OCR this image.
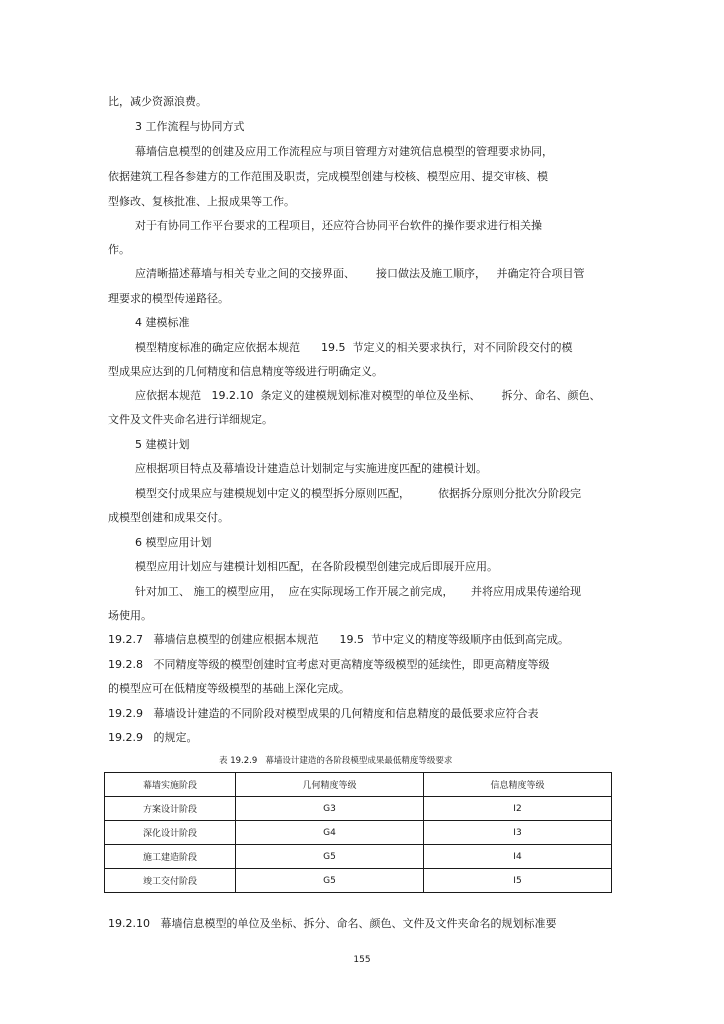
比，减少资源浪费。
3 工作流程与协同方式
幕墙信息模型的创建及应用工作流程应与项目管理方对建筑信息模型的管理要求协同，
依据建筑工程各参建方的工作范围及职责，完成模型创建与校核、模型应用、提交审核、模
型修改、复核批准、上报成果等工作。
对于有协同工作平台要求的工程项目，还应符合协同平台软件的操作要求进行相关操
作。
应清晰描述幕墙与相关专业之间的交接界面、      接口做法及施工顺序，   并确定符合项目管
理要求的模型传递路径。
4 建模标准
模型精度标准的确定应依据本规范      19.5  节定义的相关要求执行，对不同阶段交付的模
型成果应达到的几何精度和信息精度等级进行明确定义。
应依据本规范   19.2.10  条定义的建模规划标准对模型的单位及坐标、      拆分、命名、颜色、
文件及文件夹命名进行详细规定。
5 建模计划
应根据项目特点及幕墙设计建造总计划制定与实施进度匹配的建模计划。
模型交付成果应与建模规划中定义的模型拆分原则匹配，        依据拆分原则分批次分阶段完
成模型创建和成果交付。
6 模型应用计划
模型应用计划应与建模计划相匹配，在各阶段模型创建完成后即展开应用。
针对加工、 施工的模型应用，  应在实际现场工作开展之前完成，     并将应用成果传递给现
场使用。
19.2.7   幕墙信息模型的创建应根据本规范      19.5  节中定义的精度等级顺序由低到高完成。
19.2.8   不同精度等级的模型创建时宜考虑对更高精度等级模型的延续性，即更高精度等级
的模型应可在低精度等级模型的基础上深化完成。
19.2.9   幕墙设计建造的不同阶段对模型成果的几何精度和信息精度的最低要求应符合表
19.2.9   的规定。
表 19.2.9   幕墙设计建造的各阶段模型成果最低精度等级要求
幕墙实施阶段	几何精度等级	信息精度等级
方案设计阶段	G3	I2
深化设计阶段	G4	I3
施工建造阶段	G5	I4
竣工交付阶段	G5	I5
19.2.10   幕墙信息模型的单位及坐标、拆分、命名、颜色、文件及文件夹命名的规划标准要
155
